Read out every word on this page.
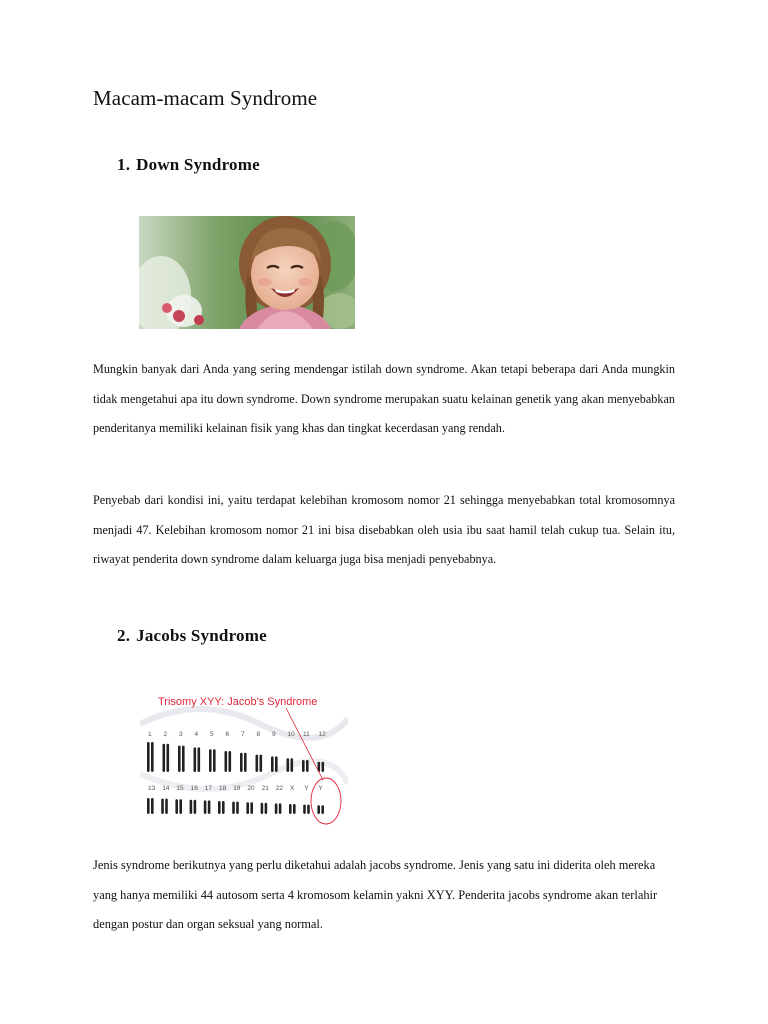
Macam-macam Syndrome
1. Down Syndrome

Mungkin banyak dari Anda yang sering mendengar istilah down syndrome. Akan tetapi beberapa dari Anda mungkin tidak mengetahui apa itu down syndrome. Down syndrome merupakan suatu kelainan genetik yang akan menyebabkan penderitanya memiliki kelainan fisik yang khas dan tingkat kecerdasan yang rendah.

Penyebab dari kondisi ini, yaitu terdapat kelebihan kromosom nomor 21 sehingga menyebabkan total kromosomnya menjadi 47. Kelebihan kromosom nomor 21 ini bisa disebabkan oleh usia ibu saat hamil telah cukup tua. Selain itu, riwayat penderita down syndrome dalam keluarga juga bisa menjadi penyebabnya.

2. Jacobs Syndrome
1 2 3 4 5 6 7 8 9 10 11 12
13 14 15 16 17 18 19 20 21 22 X Y Y
Trisomy XYY: Jacob's Syndrome

Jenis syndrome berikutnya yang perlu diketahui adalah jacobs syndrome. Jenis yang satu ini diderita oleh mereka yang hanya memiliki 44 autosom serta 4 kromosom kelamin yakni XYY. Penderita jacobs syndrome akan terlahir dengan postur dan organ seksual yang normal.
